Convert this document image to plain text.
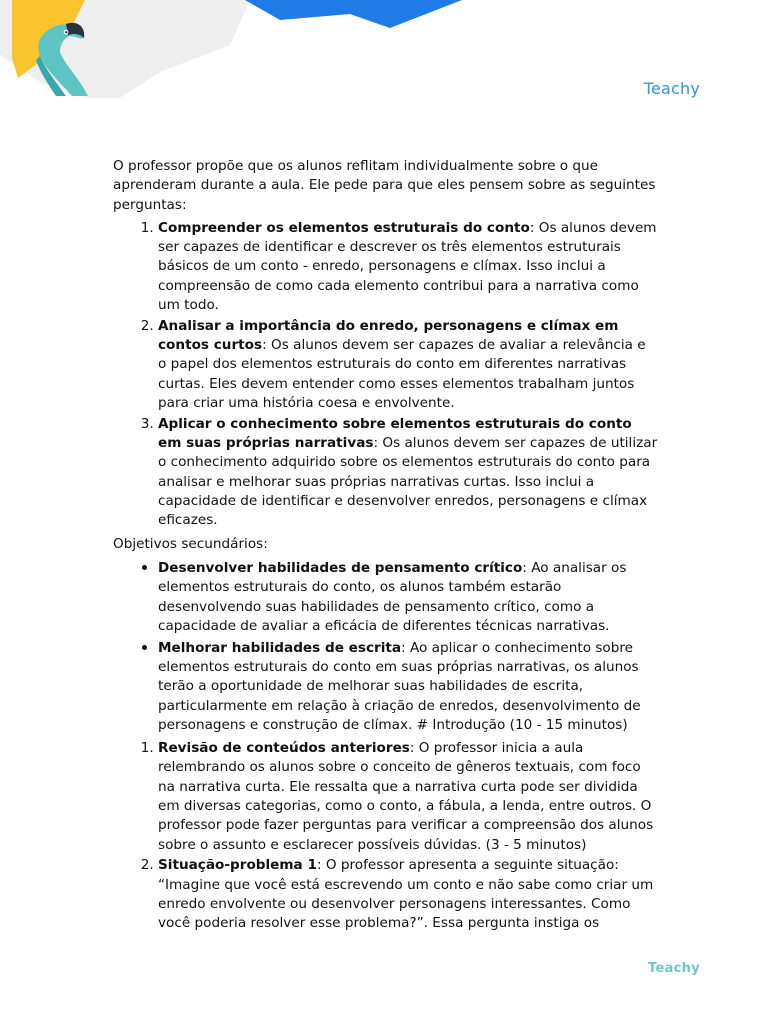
Teachy

O professor propõe que os alunos reflitam individualmente sobre o que aprenderam durante a aula. Ele pede para que eles pensem sobre as seguintes perguntas:

1. Compreender os elementos estruturais do conto: Os alunos devem ser capazes de identificar e descrever os três elementos estruturais básicos de um conto - enredo, personagens e clímax. Isso inclui a compreensão de como cada elemento contribui para a narrativa como um todo.
2. Analisar a importância do enredo, personagens e clímax em contos curtos: Os alunos devem ser capazes de avaliar a relevância e o papel dos elementos estruturais do conto em diferentes narrativas curtas. Eles devem entender como esses elementos trabalham juntos para criar uma história coesa e envolvente.
3. Aplicar o conhecimento sobre elementos estruturais do conto em suas próprias narrativas: Os alunos devem ser capazes de utilizar o conhecimento adquirido sobre os elementos estruturais do conto para analisar e melhorar suas próprias narrativas curtas. Isso inclui a capacidade de identificar e desenvolver enredos, personagens e clímax eficazes.

Objetivos secundários:

• Desenvolver habilidades de pensamento crítico: Ao analisar os elementos estruturais do conto, os alunos também estarão desenvolvendo suas habilidades de pensamento crítico, como a capacidade de avaliar a eficácia de diferentes técnicas narrativas.
• Melhorar habilidades de escrita: Ao aplicar o conhecimento sobre elementos estruturais do conto em suas próprias narrativas, os alunos terão a oportunidade de melhorar suas habilidades de escrita, particularmente em relação à criação de enredos, desenvolvimento de personagens e construção de clímax. # Introdução (10 - 15 minutos)
1. Revisão de conteúdos anteriores: O professor inicia a aula relembrando os alunos sobre o conceito de gêneros textuais, com foco na narrativa curta. Ele ressalta que a narrativa curta pode ser dividida em diversas categorias, como o conto, a fábula, a lenda, entre outros. O professor pode fazer perguntas para verificar a compreensão dos alunos sobre o assunto e esclarecer possíveis dúvidas. (3 - 5 minutos)
2. Situação-problema 1: O professor apresenta a seguinte situação: “Imagine que você está escrevendo um conto e não sabe como criar um enredo envolvente ou desenvolver personagens interessantes. Como você poderia resolver esse problema?”. Essa pergunta instiga os
Teachy
